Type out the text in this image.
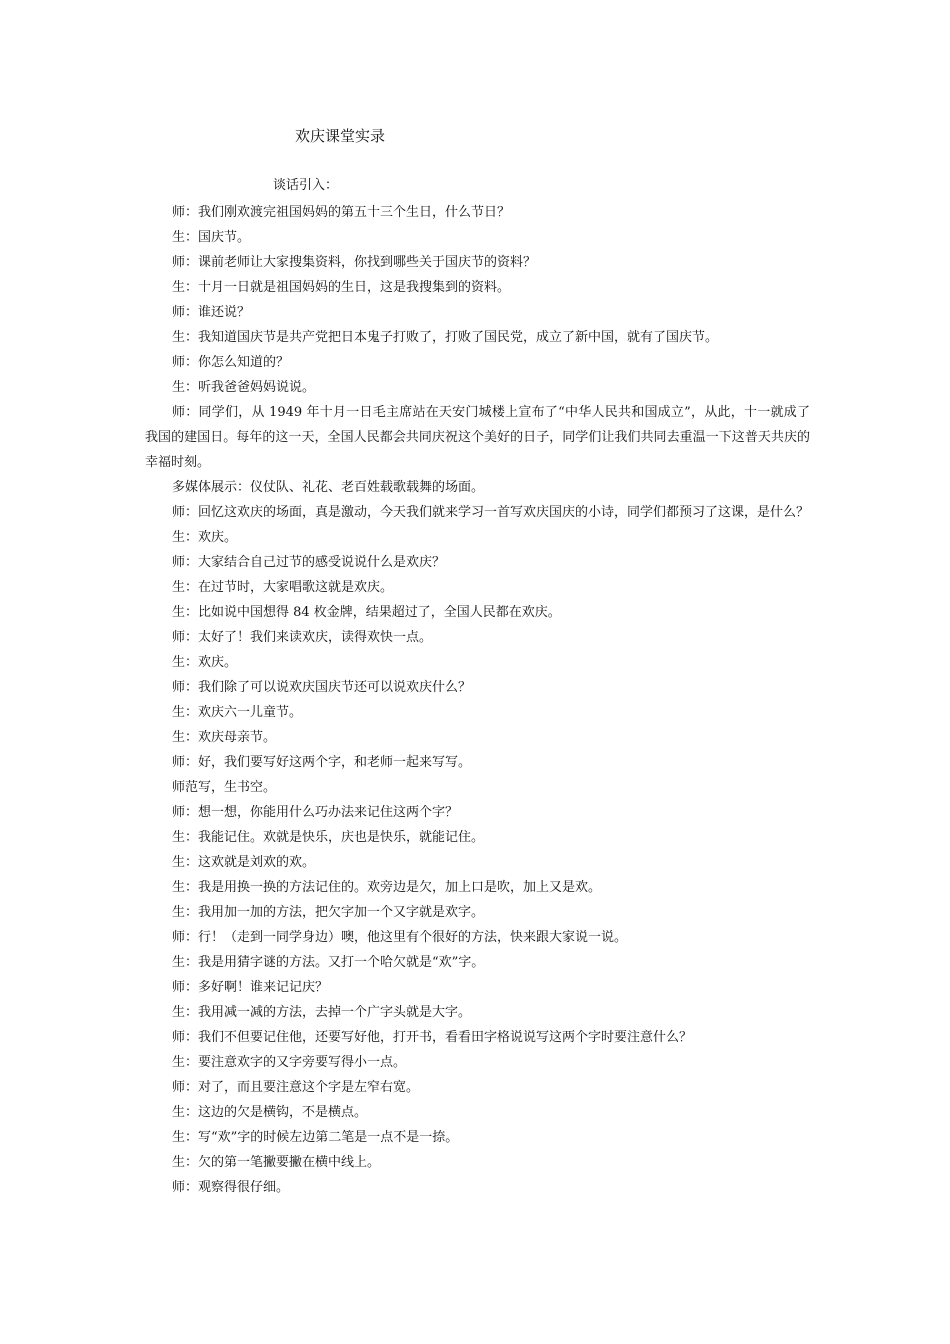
欢庆课堂实录
谈话引入：

师：我们刚欢渡完祖国妈妈的第五十三个生日，什么节日？

生：国庆节。

师：课前老师让大家搜集资料，你找到哪些关于国庆节的资料？

生：十月一日就是祖国妈妈的生日，这是我搜集到的资料。

师：谁还说？

生：我知道国庆节是共产党把日本鬼子打败了，打败了国民党，成立了新中国，就有了国庆节。

师：你怎么知道的？

生：听我爸爸妈妈说说。

师：同学们，从 1949 年十月一日毛主席站在天安门城楼上宣布了“中华人民共和国成立”，从此，十一就成了我国的建国日。每年的这一天，全国人民都会共同庆祝这个美好的日子，同学们让我们共同去重温一下这普天共庆的幸福时刻。

多媒体展示：仪仗队、礼花、老百姓载歌载舞的场面。

师：回忆这欢庆的场面，真是激动，今天我们就来学习一首写欢庆国庆的小诗，同学们都预习了这课，是什么？

生：欢庆。

师：大家结合自己过节的感受说说什么是欢庆？

生：在过节时，大家唱歌这就是欢庆。

生：比如说中国想得 84 枚金牌，结果超过了，全国人民都在欢庆。

师：太好了！我们来读欢庆，读得欢快一点。

生：欢庆。

师：我们除了可以说欢庆国庆节还可以说欢庆什么？

生：欢庆六一儿童节。

生：欢庆母亲节。

师：好，我们要写好这两个字，和老师一起来写写。

师范写，生书空。

师：想一想，你能用什么巧办法来记住这两个字？

生：我能记住。欢就是快乐，庆也是快乐，就能记住。

生：这欢就是刘欢的欢。

生：我是用换一换的方法记住的。欢旁边是欠，加上口是吹，加上又是欢。

生：我用加一加的方法，把欠字加一个又字就是欢字。

师：行！（走到一同学身边）噢，他这里有个很好的方法，快来跟大家说一说。

生：我是用猜字谜的方法。又打一个哈欠就是“欢”字。

师：多好啊！谁来记记庆？

生：我用减一减的方法，去掉一个广字头就是大字。

师：我们不但要记住他，还要写好他，打开书，看看田字格说说写这两个字时要注意什么？

生：要注意欢字的又字旁要写得小一点。

师：对了，而且要注意这个字是左窄右宽。

生：这边的欠是横钩，不是横点。

生：写“欢”字的时候左边第二笔是一点不是一捺。

生：欠的第一笔撇要撇在横中线上。

师：观察得很仔细。
